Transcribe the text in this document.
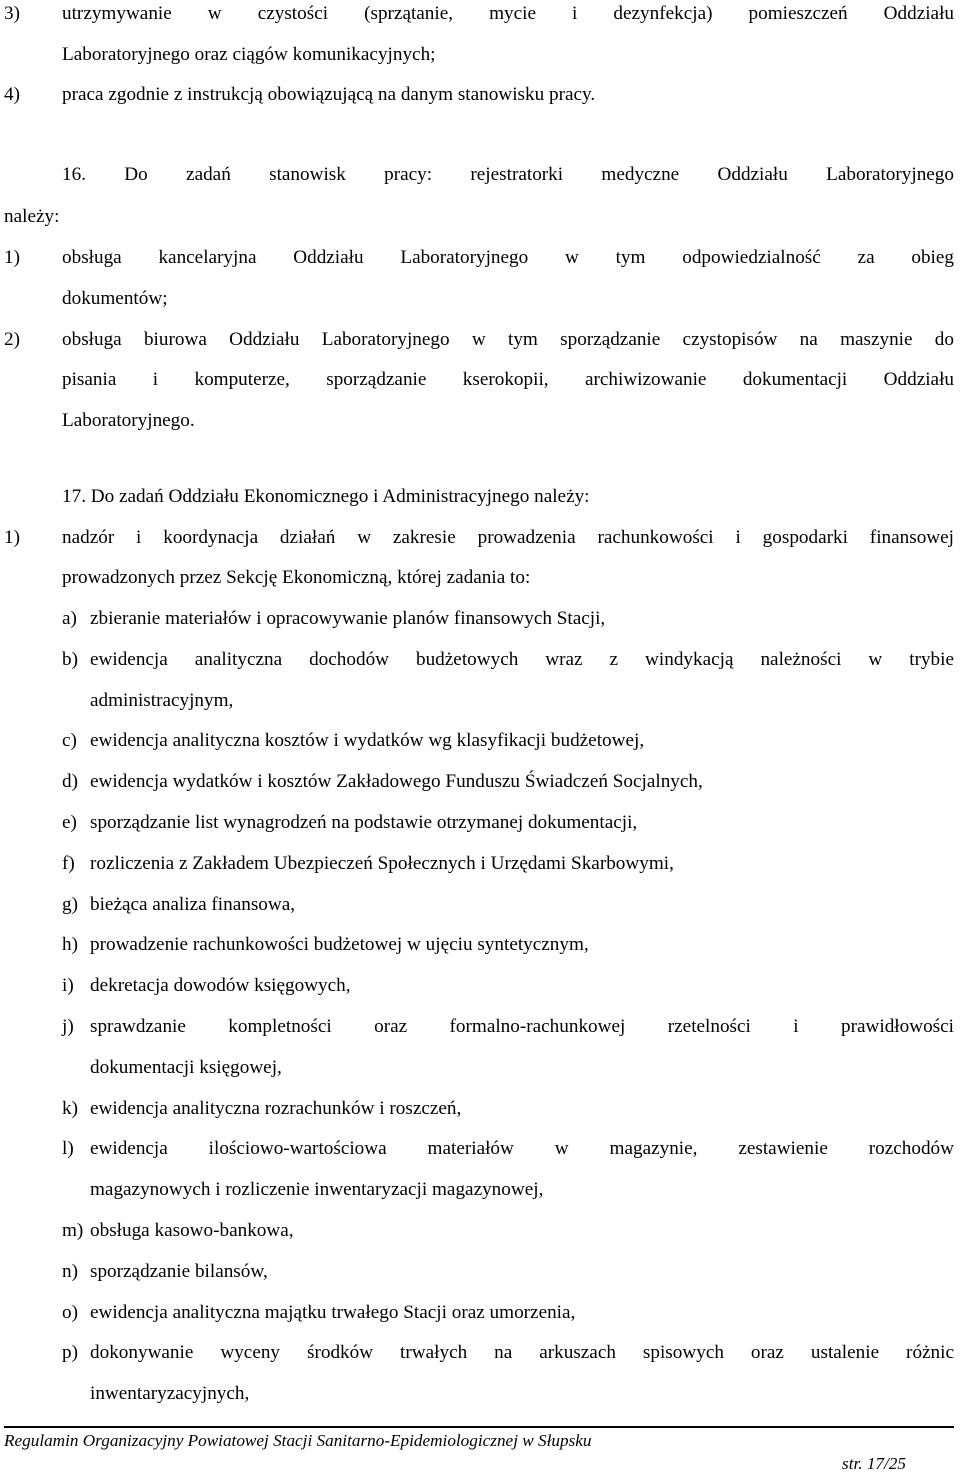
3) utrzymywanie w czystości (sprzątanie, mycie i dezynfekcja) pomieszczeń Oddziału
Laboratoryjnego oraz ciągów komunikacyjnych;
4) praca zgodnie z instrukcją obowiązującą na danym stanowisku pracy.
16. Do zadań stanowisk pracy: rejestratorki medyczne Oddziału Laboratoryjnego
należy:
1) obsługa kancelaryjna Oddziału Laboratoryjnego w tym odpowiedzialność za obieg
dokumentów;
2) obsługa biurowa Oddziału Laboratoryjnego w tym sporządzanie czystopisów na maszynie do
pisania i komputerze, sporządzanie kserokopii, archiwizowanie dokumentacji Oddziału
Laboratoryjnego.
17. Do zadań Oddziału Ekonomicznego i Administracyjnego należy:
1) nadzór i koordynacja działań w zakresie prowadzenia rachunkowości i gospodarki finansowej
prowadzonych przez Sekcję Ekonomiczną, której zadania to:
a) zbieranie materiałów i opracowywanie planów finansowych Stacji,
b) ewidencja analityczna dochodów budżetowych wraz z windykacją należności w trybie
administracyjnym,
c) ewidencja analityczna kosztów i wydatków wg klasyfikacji budżetowej,
d) ewidencja wydatków i kosztów Zakładowego Funduszu Świadczeń Socjalnych,
e) sporządzanie list wynagrodzeń na podstawie otrzymanej dokumentacji,
f) rozliczenia z Zakładem Ubezpieczeń Społecznych i Urzędami Skarbowymi,
g) bieżąca analiza finansowa,
h) prowadzenie rachunkowości budżetowej w ujęciu syntetycznym,
i) dekretacja dowodów księgowych,
j) sprawdzanie kompletności oraz formalno-rachunkowej rzetelności i prawidłowości
dokumentacji księgowej,
k) ewidencja analityczna rozrachunków i roszczeń,
l) ewidencja ilościowo-wartościowa materiałów w magazynie, zestawienie rozchodów
magazynowych i rozliczenie inwentaryzacji magazynowej,
m) obsługa kasowo-bankowa,
n) sporządzanie bilansów,
o) ewidencja analityczna majątku trwałego Stacji oraz umorzenia,
p) dokonywanie wyceny środków trwałych na arkuszach spisowych oraz ustalenie różnic
inwentaryzacyjnych,
Regulamin Organizacyjny Powiatowej Stacji Sanitarno-Epidemiologicznej w Słupsku
str. 17/25
